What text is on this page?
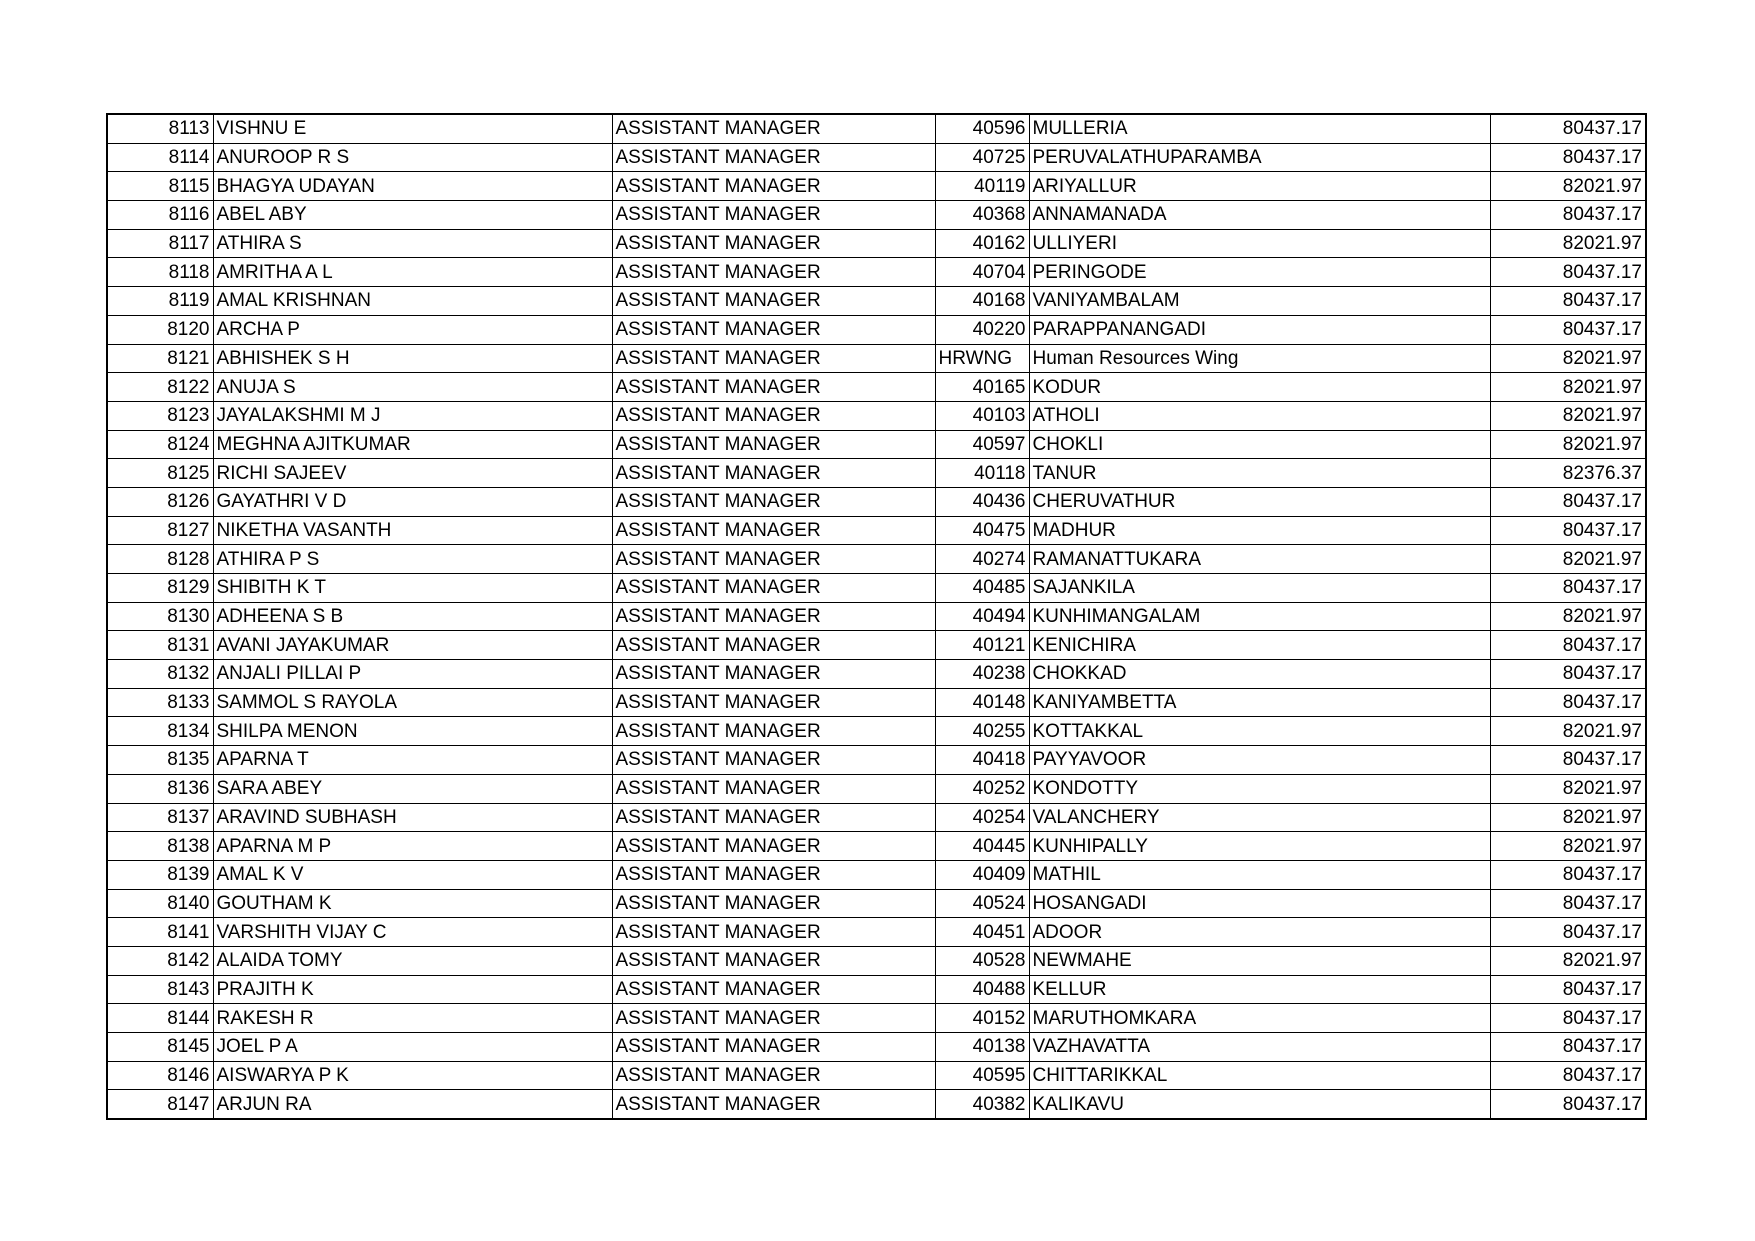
8113	VISHNU E	ASSISTANT MANAGER	40596	MULLERIA	80437.17
8114	ANUROOP R S	ASSISTANT MANAGER	40725	PERUVALATHUPARAMBA	80437.17
8115	BHAGYA UDAYAN	ASSISTANT MANAGER	40119	ARIYALLUR	82021.97
8116	ABEL ABY	ASSISTANT MANAGER	40368	ANNAMANADA	80437.17
8117	ATHIRA S	ASSISTANT MANAGER	40162	ULLIYERI	82021.97
8118	AMRITHA A L	ASSISTANT MANAGER	40704	PERINGODE	80437.17
8119	AMAL KRISHNAN	ASSISTANT MANAGER	40168	VANIYAMBALAM	80437.17
8120	ARCHA P	ASSISTANT MANAGER	40220	PARAPPANANGADI	80437.17
8121	ABHISHEK S H	ASSISTANT MANAGER	HRWNG	Human Resources Wing	82021.97
8122	ANUJA S	ASSISTANT MANAGER	40165	KODUR	82021.97
8123	JAYALAKSHMI M J	ASSISTANT MANAGER	40103	ATHOLI	82021.97
8124	MEGHNA AJITKUMAR	ASSISTANT MANAGER	40597	CHOKLI	82021.97
8125	RICHI SAJEEV	ASSISTANT MANAGER	40118	TANUR	82376.37
8126	GAYATHRI V D	ASSISTANT MANAGER	40436	CHERUVATHUR	80437.17
8127	NIKETHA VASANTH	ASSISTANT MANAGER	40475	MADHUR	80437.17
8128	ATHIRA P S	ASSISTANT MANAGER	40274	RAMANATTUKARA	82021.97
8129	SHIBITH K T	ASSISTANT MANAGER	40485	SAJANKILA	80437.17
8130	ADHEENA S B	ASSISTANT MANAGER	40494	KUNHIMANGALAM	82021.97
8131	AVANI JAYAKUMAR	ASSISTANT MANAGER	40121	KENICHIRA	80437.17
8132	ANJALI PILLAI P	ASSISTANT MANAGER	40238	CHOKKAD	80437.17
8133	SAMMOL S RAYOLA	ASSISTANT MANAGER	40148	KANIYAMBETTA	80437.17
8134	SHILPA MENON	ASSISTANT MANAGER	40255	KOTTAKKAL	82021.97
8135	APARNA T	ASSISTANT MANAGER	40418	PAYYAVOOR	80437.17
8136	SARA ABEY	ASSISTANT MANAGER	40252	KONDOTTY	82021.97
8137	ARAVIND SUBHASH	ASSISTANT MANAGER	40254	VALANCHERY	82021.97
8138	APARNA M P	ASSISTANT MANAGER	40445	KUNHIPALLY	82021.97
8139	AMAL K V	ASSISTANT MANAGER	40409	MATHIL	80437.17
8140	GOUTHAM K	ASSISTANT MANAGER	40524	HOSANGADI	80437.17
8141	VARSHITH VIJAY C	ASSISTANT MANAGER	40451	ADOOR	80437.17
8142	ALAIDA TOMY	ASSISTANT MANAGER	40528	NEWMAHE	82021.97
8143	PRAJITH K	ASSISTANT MANAGER	40488	KELLUR	80437.17
8144	RAKESH R	ASSISTANT MANAGER	40152	MARUTHOMKARA	80437.17
8145	JOEL P A	ASSISTANT MANAGER	40138	VAZHAVATTA	80437.17
8146	AISWARYA P K	ASSISTANT MANAGER	40595	CHITTARIKKAL	80437.17
8147	ARJUN RA	ASSISTANT MANAGER	40382	KALIKAVU	80437.17
